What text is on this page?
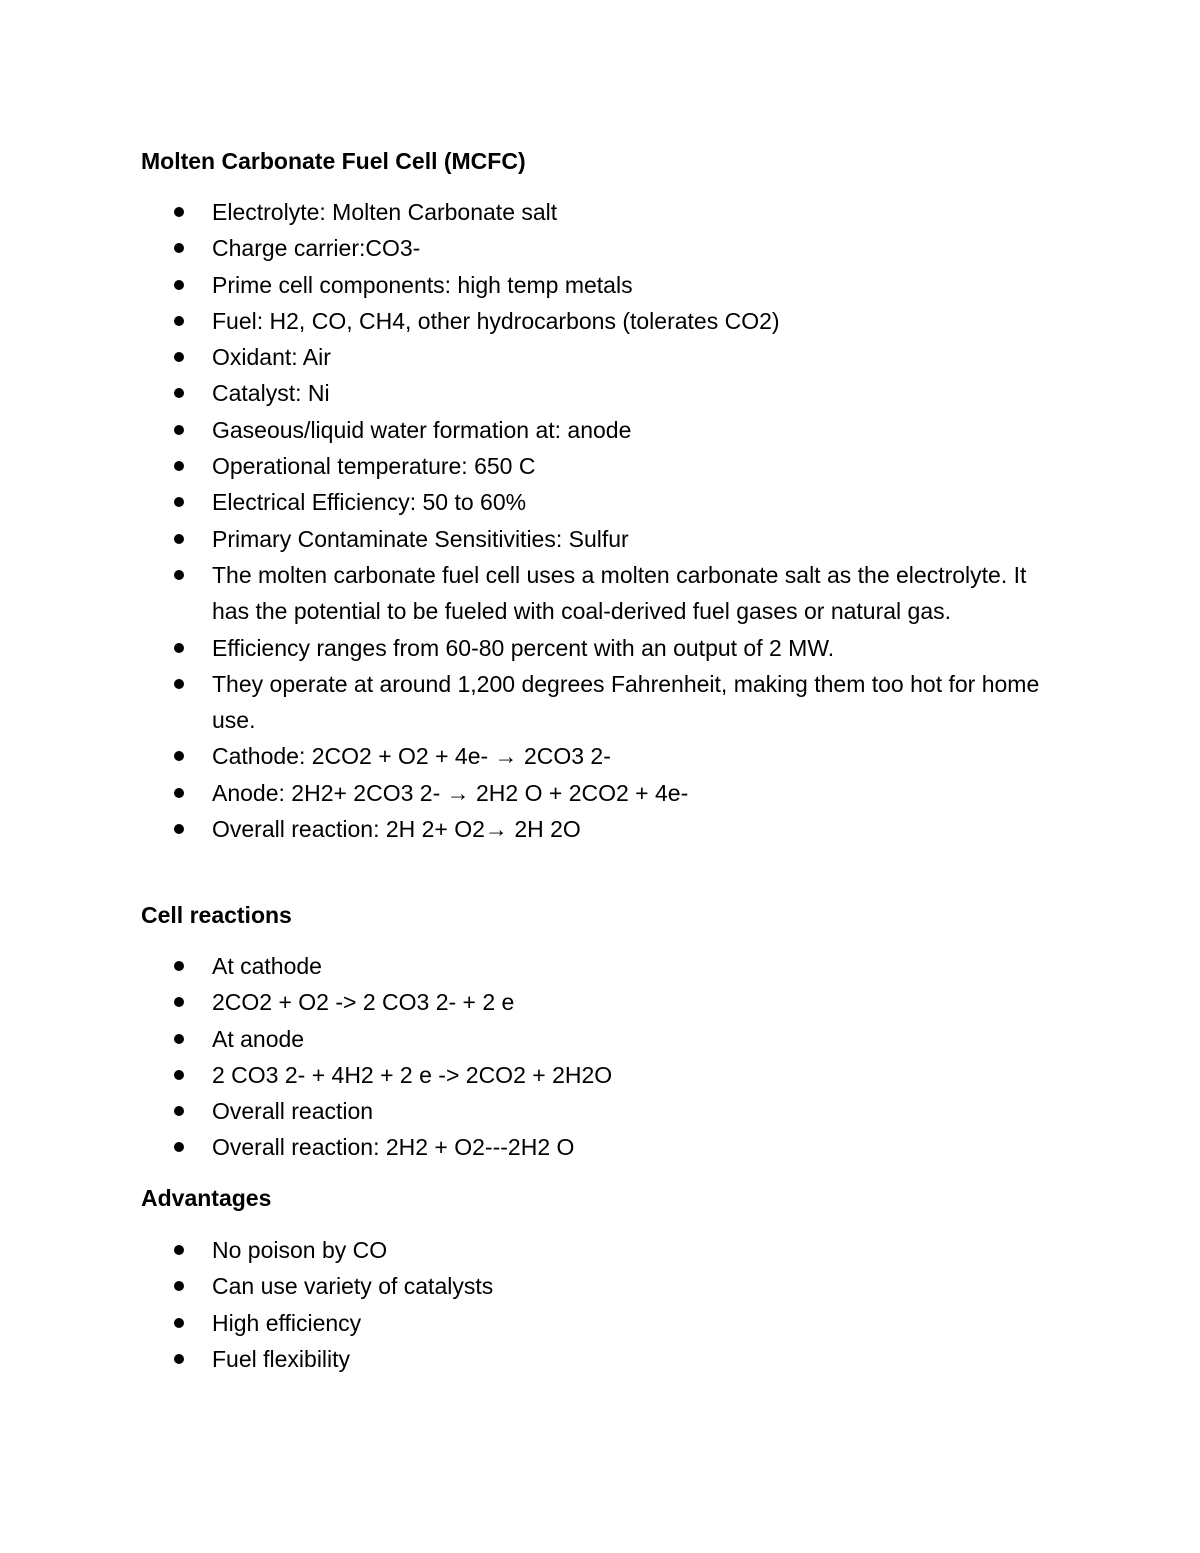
Molten Carbonate Fuel Cell (MCFC)
Electrolyte: Molten Carbonate salt
Charge carrier:CO3-
Prime cell components: high temp metals
Fuel: H2, CO, CH4, other hydrocarbons (tolerates CO2)
Oxidant: Air
Catalyst: Ni
Gaseous/liquid water formation at: anode
Operational temperature: 650 C
Electrical Efficiency: 50 to 60%
Primary Contaminate Sensitivities: Sulfur
The molten carbonate fuel cell uses a molten carbonate salt as the electrolyte. It has the potential to be fueled with coal-derived fuel gases or natural gas.
Efficiency ranges from 60-80 percent with an output of 2 MW.
They operate at around 1,200 degrees Fahrenheit, making them too hot for home use.
Cathode: 2CO2 + O2 + 4e- → 2CO3 2-
Anode: 2H2+ 2CO3 2- → 2H2 O + 2CO2 + 4e-
Overall reaction: 2H 2+ O2→ 2H 2O
Cell reactions
At cathode
2CO2 + O2 -> 2 CO3 2- + 2 e
At anode
2 CO3 2- + 4H2 + 2 e -> 2CO2 + 2H2O
Overall reaction
Overall reaction: 2H2 + O2---2H2 O
Advantages
No poison by CO
Can use variety of catalysts
High efficiency
Fuel flexibility
